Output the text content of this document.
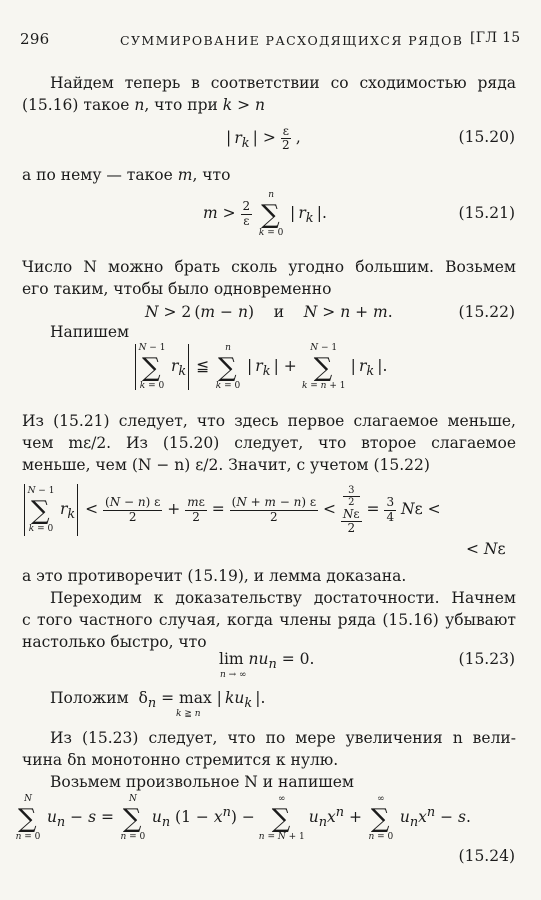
296	СУММИРОВАНИЕ РАСХОДЯЩИХСЯ РЯДОВ [ГЛ 15
Найдем теперь в соответствии со сходимостью ряда
(15.16) такое n, что при k > n
| $r_k$ | > $\frac{\varepsilon}{2}$ ,	(15.20)
а по нему — такое m, что
$m > \frac{2}{\varepsilon}$

n
∑
k = 0
| $r_k$ |.	(15.21)
Число N можно брать сколь угодно большим. Возьмем
его таким, чтобы было одновременно
N > 2 (m − n)    и N > n + m.	(15.22)
Напишем
N − 1
∑
k = 0
$r_k$ ≦
n
∑
k = 0
| $r_k$ | +
N − 1
∑
k = n + 1
| $r_k$ |.
Из (15.21) следует, что здесь первое слагаемое меньше,
чем mε/2. Из (15.20) следует, что второе слагаемое
меньше, чем (N − n) ε/2. Значит, с учетом (15.22)
N − 1
∑
k = 0
$r_k < \frac{(N - n) \varepsilon}{2} + \frac{m\varepsilon}{2} = \frac{(N + m - n) \varepsilon}{2} < 3$
2
Nε
$2 = \frac{3}{4}$ Nε <
< Nε
а это противоречит (15.19), и лемма доказана.
Переходим к доказательству достаточности. Начнем
с того частного случая, когда члены ряда (15.16) убывают
настолько быстро, что
$\lim nu_n = 0$.
n → ∞
(15.23)
Положим  $\delta_n = \max$ | $ku_k$ |.
k ≧ n
Из (15.23) следует, что по мере увеличения n вели-
чина δn монотонно стремится к нулю.
Возьмем произвольное N и напишем
N
∑
n = 0
$u_n - s$ =
N
∑
n = 0
$u_n$ $(1 - x^n)$ −
∞
∑
n = N + 1
$u_nx^n$ +
∞
∑
n = 0
$u_nx^n - s$.
(15.24)
